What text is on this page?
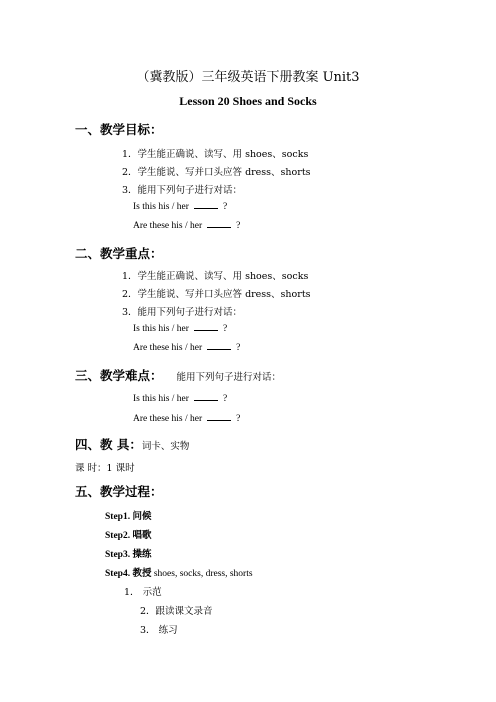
（冀教版）三年级英语下册教案 Unit3
Lesson 20 Shoes and Socks
一、教学目标：
1．学生能正确说、读写、用 shoes、socks
2．学生能说、写并口头应答 dress、shorts
3．能用下列句子进行对话：
Is this his / her	?
Are these his / her	?
二、教学重点：
1．学生能正确说、读写、用 shoes、socks
2．学生能说、写并口头应答 dress、shorts
3．能用下列句子进行对话：
Is this his / her	?
Are these his / her	?
三、教学难点： 能用下列句子进行对话：
Is this his / her	?
Are these his / her	?
四、教 具：词卡、实物
课 时：1 课时
五、教学过程：
Step1. 问候
Step2. 唱歌
Step3. 操练
Step4. 教授 shoes, socks, dress, shorts
1． 示范
2．跟读课文录音
3． 练习
